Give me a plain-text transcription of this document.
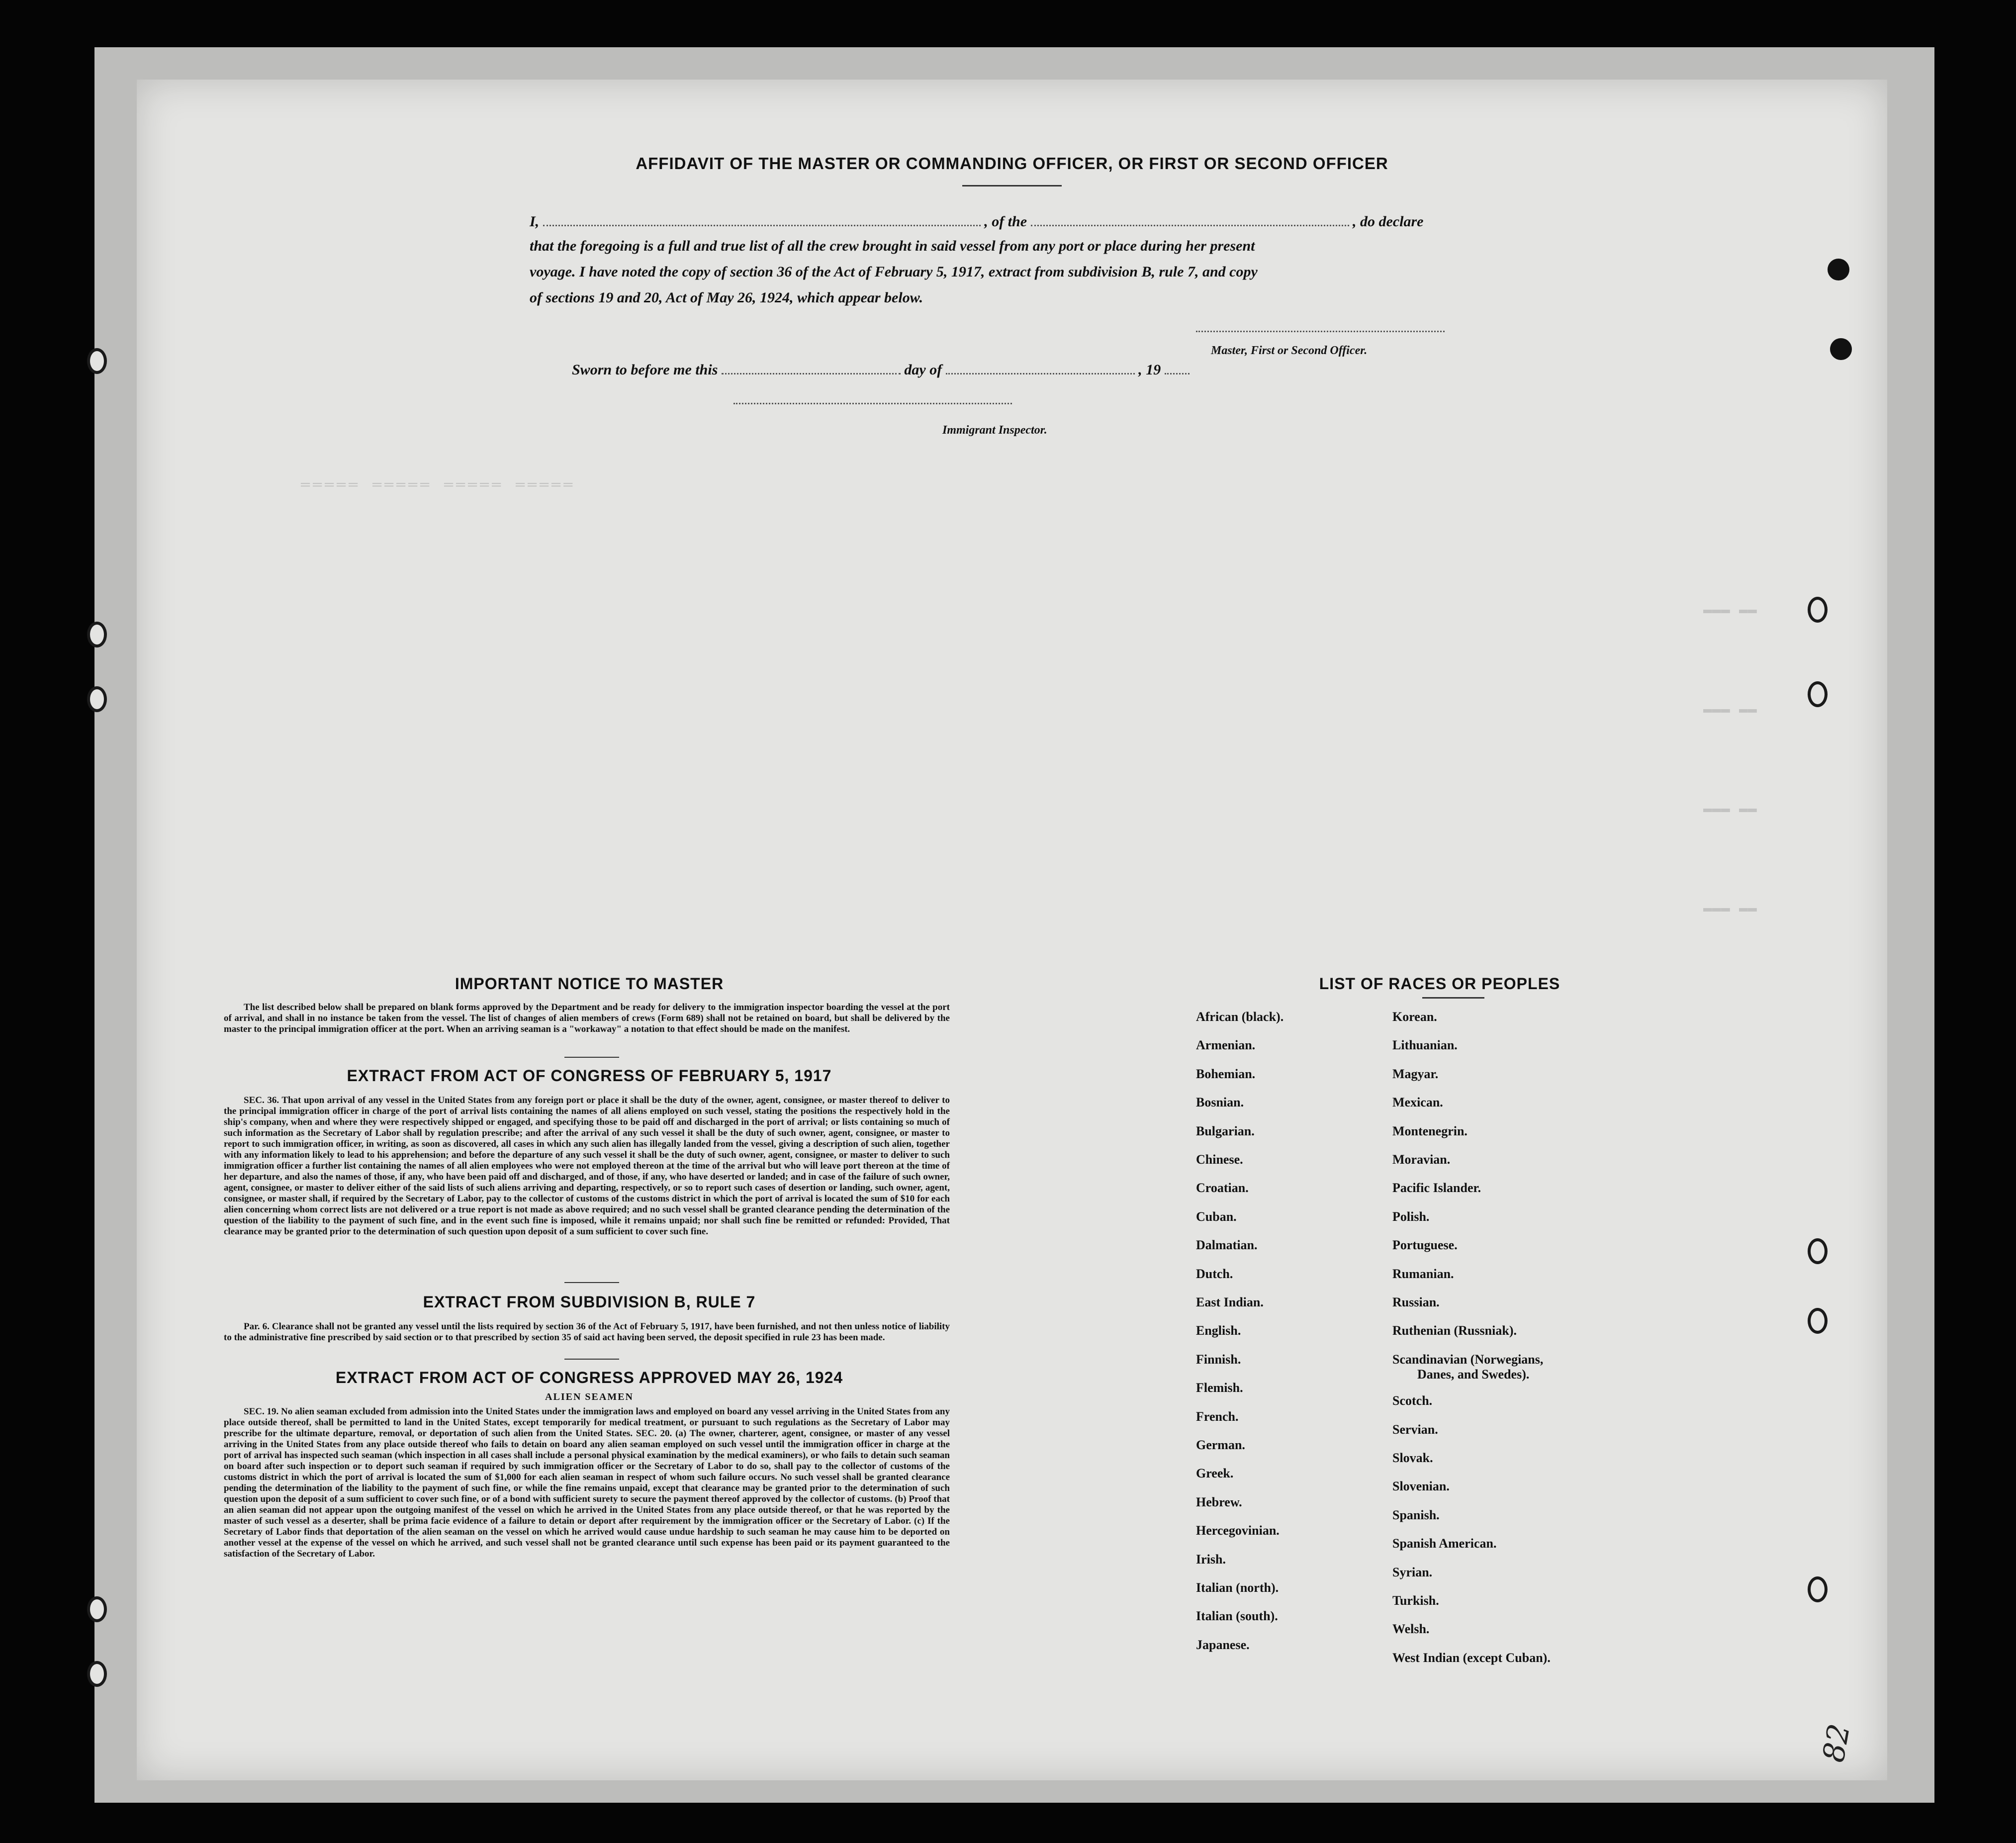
═════ ═════ ═════ ═════
▬▬▬ ▬▬
▬▬▬ ▬▬
▬▬▬ ▬▬
▬▬▬ ▬▬
AFFIDAVIT OF THE MASTER OR COMMANDING OFFICER, OR FIRST OR SECOND OFFICER
I,	, of the	, do declare
that the foregoing is a full and true list of all the crew brought in said vessel from any port or place during her present
voyage. I have noted the copy of section 36 of the Act of February 5, 1917, extract from subdivision B, rule 7, and copy
of sections 19 and 20, Act of May 26, 1924, which appear below.
Master, First or Second Officer.
Sworn to before me this	day of	, 19
Immigrant Inspector.
IMPORTANT NOTICE TO MASTER
The list described below shall be prepared on blank forms approved by the Department and be ready for delivery to the immigration inspector boarding the vessel at the port of arrival, and shall in no instance be taken from the vessel. The list of changes of alien members of crews (Form 689) shall not be retained on board, but shall be delivered by the master to the principal immigration officer at the port. When an arriving seaman is a "workaway" a notation to that effect should be made on the manifest.
EXTRACT FROM ACT OF CONGRESS OF FEBRUARY 5, 1917
SEC. 36. That upon arrival of any vessel in the United States from any foreign port or place it shall be the duty of the owner, agent, consignee, or master thereof to deliver to the principal immigration officer in charge of the port of arrival lists containing the names of all aliens employed on such vessel, stating the positions the respectively hold in the ship's company, when and where they were respectively shipped or engaged, and specifying those to be paid off and discharged in the port of arrival; or lists containing so much of such information as the Secretary of Labor shall by regulation prescribe; and after the arrival of any such vessel it shall be the duty of such owner, agent, consignee, or master to report to such immigration officer, in writing, as soon as discovered, all cases in which any such alien has illegally landed from the vessel, giving a description of such alien, together with any information likely to lead to his apprehension; and before the departure of any such vessel it shall be the duty of such owner, agent, consignee, or master to deliver to such immigration officer a further list containing the names of all alien employees who were not employed thereon at the time of the arrival but who will leave port thereon at the time of her departure, and also the names of those, if any, who have been paid off and discharged, and of those, if any, who have deserted or landed; and in case of the failure of such owner, agent, consignee, or master to deliver either of the said lists of such aliens arriving and departing, respectively, or so to report such cases of desertion or landing, such owner, agent, consignee, or master shall, if required by the Secretary of Labor, pay to the collector of customs of the customs district in which the port of arrival is located the sum of $10 for each alien concerning whom correct lists are not delivered or a true report is not made as above required; and no such vessel shall be granted clearance pending the determination of the question of the liability to the payment of such fine, and in the event such fine is imposed, while it remains unpaid; nor shall such fine be remitted or refunded: Provided, That clearance may be granted prior to the determination of such question upon deposit of a sum sufficient to cover such fine.
EXTRACT FROM SUBDIVISION B, RULE 7
Par. 6. Clearance shall not be granted any vessel until the lists required by section 36 of the Act of February 5, 1917, have been furnished, and not then unless notice of liability to the administrative fine prescribed by said section or to that prescribed by section 35 of said act having been served, the deposit specified in rule 23 has been made.
EXTRACT FROM ACT OF CONGRESS APPROVED MAY 26, 1924
ALIEN SEAMEN
SEC. 19. No alien seaman excluded from admission into the United States under the immigration laws and employed on board any vessel arriving in the United States from any place outside thereof, shall be permitted to land in the United States, except temporarily for medical treatment, or pursuant to such regulations as the Secretary of Labor may prescribe for the ultimate departure, removal, or deportation of such alien from the United States. SEC. 20. (a) The owner, charterer, agent, consignee, or master of any vessel arriving in the United States from any place outside thereof who fails to detain on board any alien seaman employed on such vessel until the immigration officer in charge at the port of arrival has inspected such seaman (which inspection in all cases shall include a personal physical examination by the medical examiners), or who fails to detain such seaman on board after such inspection or to deport such seaman if required by such immigration officer or the Secretary of Labor to do so, shall pay to the collector of customs of the customs district in which the port of arrival is located the sum of $1,000 for each alien seaman in respect of whom such failure occurs. No such vessel shall be granted clearance pending the determination of the liability to the payment of such fine, or while the fine remains unpaid, except that clearance may be granted prior to the determination of such question upon the deposit of a sum sufficient to cover such fine, or of a bond with sufficient surety to secure the payment thereof approved by the collector of customs. (b) Proof that an alien seaman did not appear upon the outgoing manifest of the vessel on which he arrived in the United States from any place outside thereof, or that he was reported by the master of such vessel as a deserter, shall be prima facie evidence of a failure to detain or deport after requirement by the immigration officer or the Secretary of Labor. (c) If the Secretary of Labor finds that deportation of the alien seaman on the vessel on which he arrived would cause undue hardship to such seaman he may cause him to be deported on another vessel at the expense of the vessel on which he arrived, and such vessel shall not be granted clearance until such expense has been paid or its payment guaranteed to the satisfaction of the Secretary of Labor.
LIST OF RACES OR PEOPLES
African (black).
Armenian.
Bohemian.
Bosnian.
Bulgarian.
Chinese.
Croatian.
Cuban.
Dalmatian.
Dutch.
East Indian.
English.
Finnish.
Flemish.
French.
German.
Greek.
Hebrew.
Hercegovinian.
Irish.
Italian (north).
Italian (south).
Japanese.
Korean.
Lithuanian.
Magyar.
Mexican.
Montenegrin.
Moravian.
Pacific Islander.
Polish.
Portuguese.
Rumanian.
Russian.
Ruthenian (Russniak).
Scandinavian (Norwegians,
Scotch.
Servian.
Slovak.
Slovenian.
Spanish.
Spanish American.
Syrian.
Turkish.
Welsh.
West Indian (except Cuban).
Danes, and Swedes).
82
